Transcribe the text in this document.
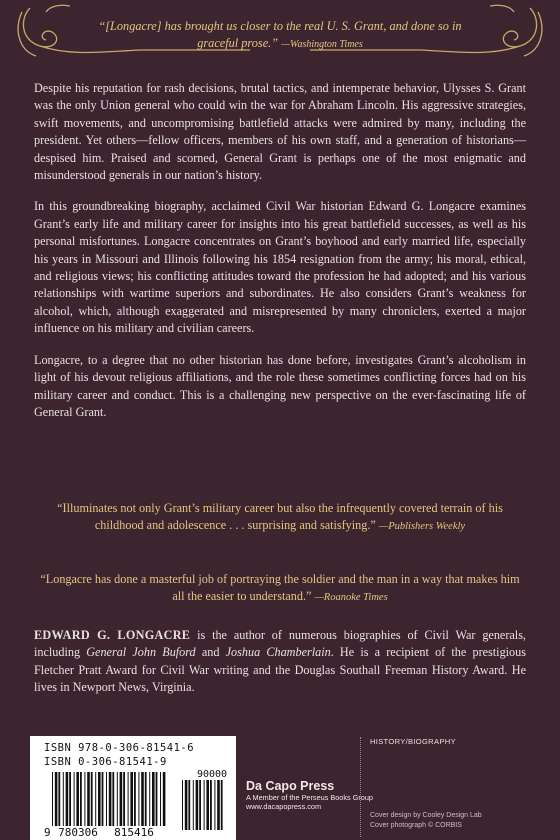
“[Longacre] has brought us closer to the real U. S. Grant, and done so in graceful prose.” —Washington Times

Despite his reputation for rash decisions, brutal tactics, and intemperate behavior, Ulysses S. Grant was the only Union general who could win the war for Abraham Lincoln. His aggressive strategies, swift movements, and uncompromising battlefield attacks were admired by many, including the president. Yet others—fellow officers, members of his own staff, and a generation of historians—despised him. Praised and scorned, General Grant is perhaps one of the most enigmatic and misunderstood generals in our nation’s history.

In this groundbreaking biography, acclaimed Civil War historian Edward G. Longacre examines Grant’s early life and military career for insights into his great battlefield successes, as well as his personal misfortunes. Longacre concentrates on Grant’s boyhood and early married life, especially his years in Missouri and Illinois following his 1854 resignation from the army; his moral, ethical, and religious views; his conflicting attitudes toward the profession he had adopted; and his various relationships with wartime superiors and subordinates. He also considers Grant’s weakness for alcohol, which, although exaggerated and misrepresented by many chroniclers, exerted a major influence on his military and civilian careers.

Longacre, to a degree that no other historian has done before, investigates Grant’s alcoholism in light of his devout religious affiliations, and the role these sometimes conflicting forces had on his military career and conduct. This is a challenging new perspective on the ever-fascinating life of General Grant.

“Illuminates not only Grant’s military career but also the infrequently covered terrain of his childhood and adolescence . . . surprising and satisfying.” —Publishers Weekly
“Longacre has done a masterful job of portraying the soldier and the man in a way that makes him all the easier to understand.” —Roanoke Times
EDWARD G. LONGACRE is the author of numerous biographies of Civil War generals, including General John Buford and Joshua Chamberlain. He is a recipient of the prestigious Fletcher Pratt Award for Civil War writing and the Douglas Southall Freeman History Award. He lives in Newport News, Virginia.
ISBN 978-0-306-81541-6
ISBN 0-306-81541-9
90000
9 780306 815416
Da Capo Press
A Member of the Perseus Books Group
www.dacapopress.com
HISTORY/BIOGRAPHY
Cover design by Cooley Design Lab
Cover photograph © CORBIS
